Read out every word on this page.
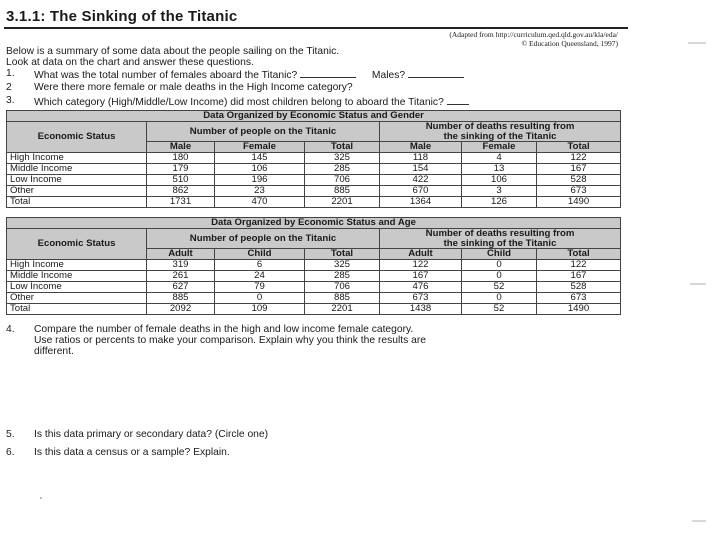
3.1.1: The Sinking of the Titanic
(Adapted from http://curriculum.qed.qld.gov.au/kla/eda/
© Education Queensland, 1997)
Below is a summary of some data about the people sailing on the Titanic.
Look at data on the chart and answer these questions.
1. What was the total number of females aboard the Titanic?	Males?
2 Were there more female or male deaths in the High Income category?
3. Which category (High/Middle/Low Income) did most children belong to aboard the Titanic?
Data Organized by Economic Status and Gender						
Economic Status	Number of people on the Titanic			Number of deaths resulting from
the sinking of the Titanic		

	Male	Female	Total	Male	Female	Total
High Income	180	145	325	118	4	122
Middle Income	179	106	285	154	13	167
Low Income	510	196	706	422	106	528
Other	862	23	885	670	3	673
Total	1731	470	2201	1364	126	1490
Data Organized by Economic Status and Age						
Economic Status	Number of people on the Titanic			Number of deaths resulting from
the sinking of the Titanic		

	Adult	Child	Total	Adult	Child	Total
High Income	319	6	325	122	0	122
Middle Income	261	24	285	167	0	167
Low Income	627	79	706	476	52	528
Other	885	0	885	673	0	673
Total	2092	109	2201	1438	52	1490
4. Compare the number of female deaths in the high and low income female category.
Use ratios or percents to make your comparison. Explain why you think the results are
different.
5. Is this data primary or secondary data? (Circle one)
6. Is this data a census or a sample? Explain.
